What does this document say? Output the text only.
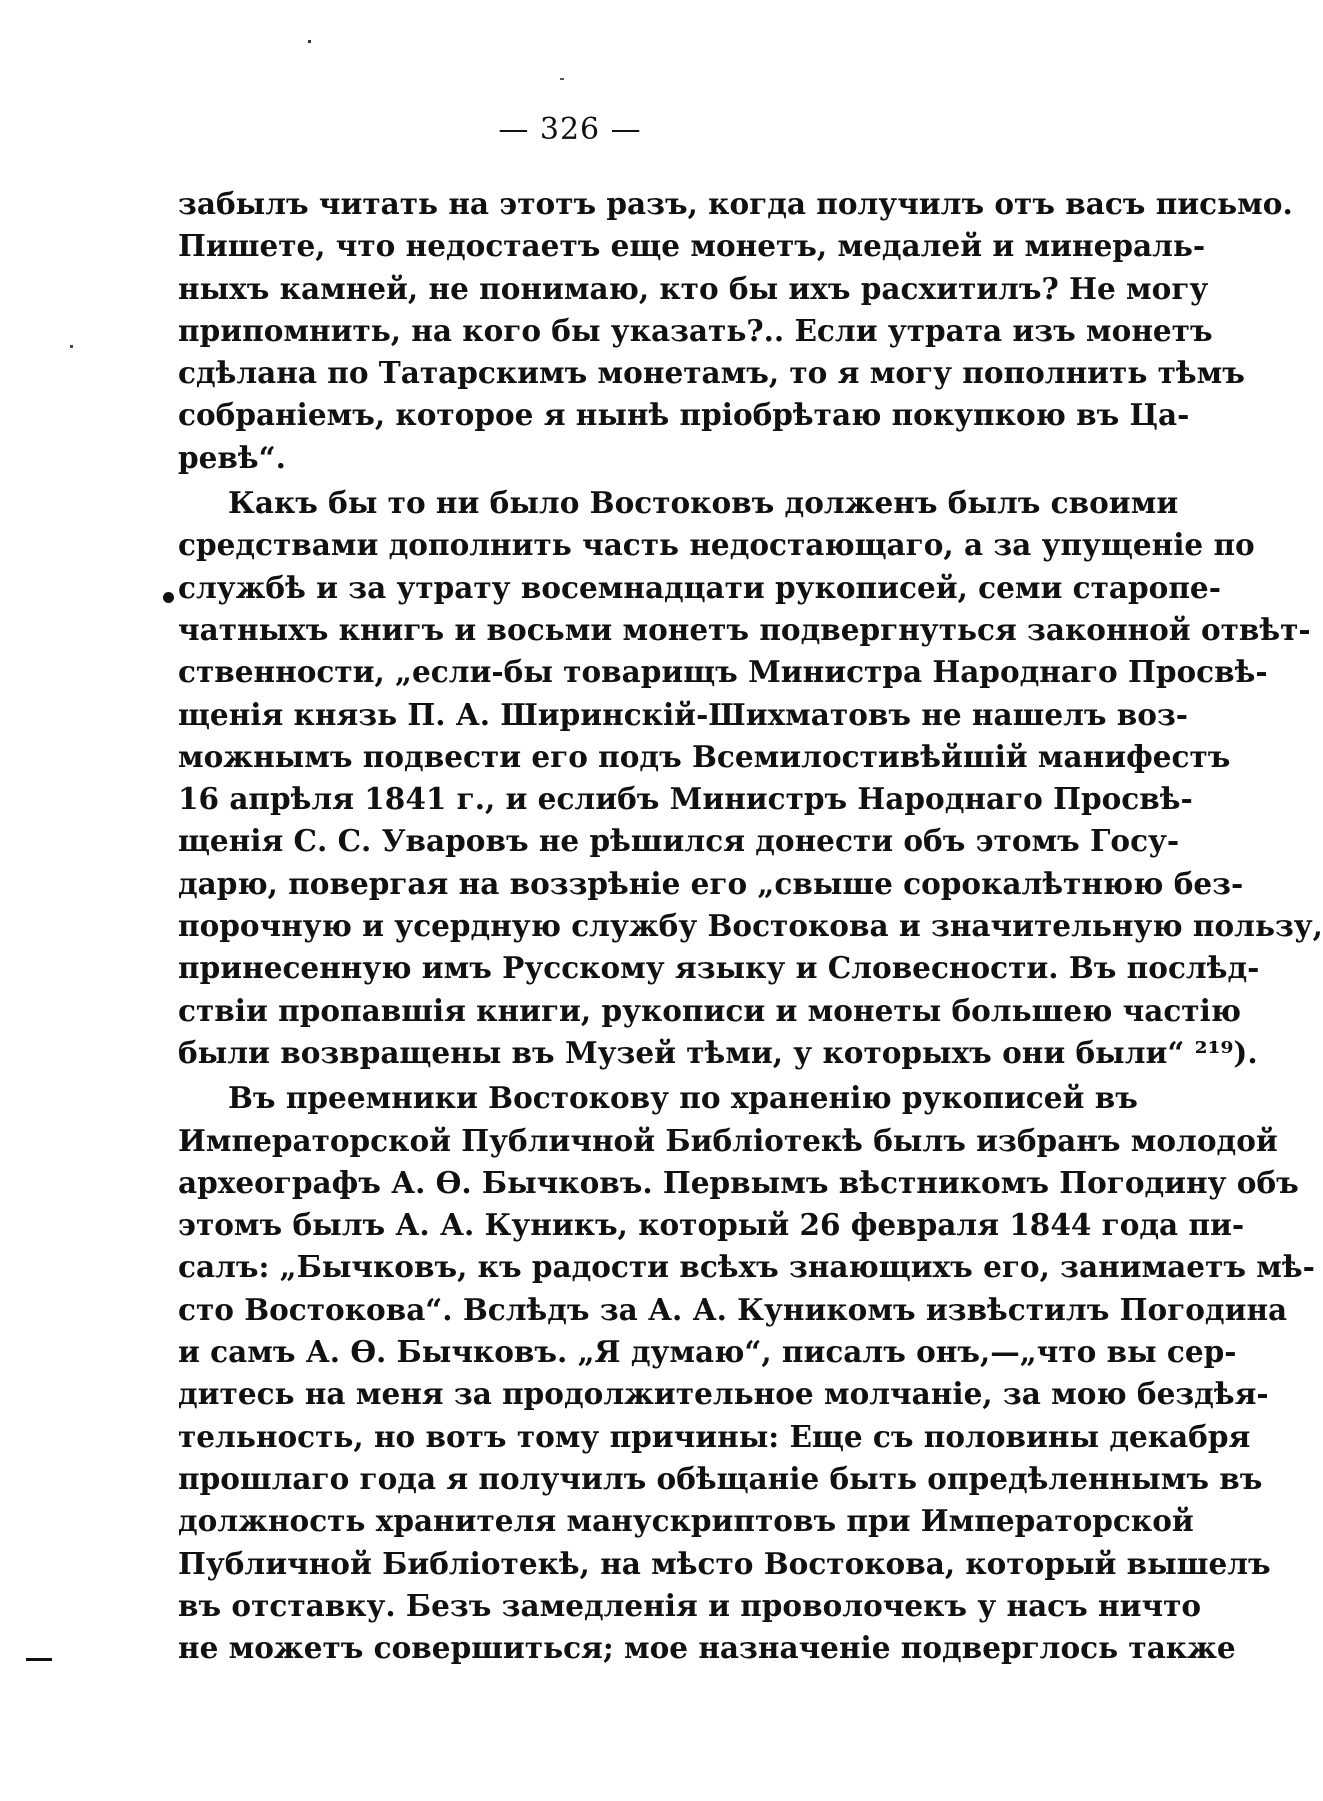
— 326 —
забылъ читать на этотъ разъ, когда получилъ отъ васъ письмо.
Пишете, что недостаетъ еще монетъ, медалей и минераль-
ныхъ камней, не понимаю, кто бы ихъ расхитилъ? Не могу
припомнить, на кого бы указать?.. Если утрата изъ монетъ
сдѣлана по Татарскимъ монетамъ, то я могу пополнить тѣмъ
собраніемъ, которое я нынѣ пріобрѣтаю покупкою въ Ца-
ревѣ“.
Какъ бы то ни было Востоковъ долженъ былъ своими
средствами дополнить часть недостающаго, а за упущеніе по
службѣ и за утрату восемнадцати рукописей, семи старопе-
чатныхъ книгъ и восьми монетъ подвергнуться законной отвѣт-
ственности, „если-бы товарищъ Министра Народнаго Просвѣ-
щенія князь П. А. Ширинскій-Шихматовъ не нашелъ воз-
можнымъ подвести его подъ Всемилостивѣйшій манифестъ
16 апрѣля 1841 г., и еслибъ Министръ Народнаго Просвѣ-
щенія С. С. Уваровъ не рѣшился донести объ этомъ Госу-
дарю, повергая на воззрѣніе его „свыше сорокалѣтнюю без-
порочную и усердную службу Востокова и значительную пользу,
принесенную имъ Русскому языку и Словесности. Въ послѣд-
ствіи пропавшія книги, рукописи и монеты большею частію
были возвращены въ Музей тѣми, у которыхъ они были“ ²¹⁹).
Въ преемники Востокову по храненію рукописей въ
Императорской Публичной Библіотекѣ былъ избранъ молодой
археографъ А. Ѳ. Бычковъ. Первымъ вѣстникомъ Погодину объ
этомъ былъ А. А. Куникъ, который 26 февраля 1844 года пи-
салъ: „Бычковъ, къ радости всѣхъ знающихъ его, занимаетъ мѣ-
сто Востокова“. Вслѣдъ за А. А. Куникомъ извѣстилъ Погодина
и самъ А. Ѳ. Бычковъ. „Я думаю“, писалъ онъ,—„что вы сер-
дитесь на меня за продолжительное молчаніе, за мою бездѣя-
тельность, но вотъ тому причины: Еще съ половины декабря
прошлаго года я получилъ обѣщаніе быть опредѣленнымъ въ
должность хранителя манускриптовъ при Императорской
Публичной Библіотекѣ, на мѣсто Востокова, который вышелъ
въ отставку. Безъ замедленія и проволочекъ у насъ ничто
не можетъ совершиться; мое назначеніе подверглось также
